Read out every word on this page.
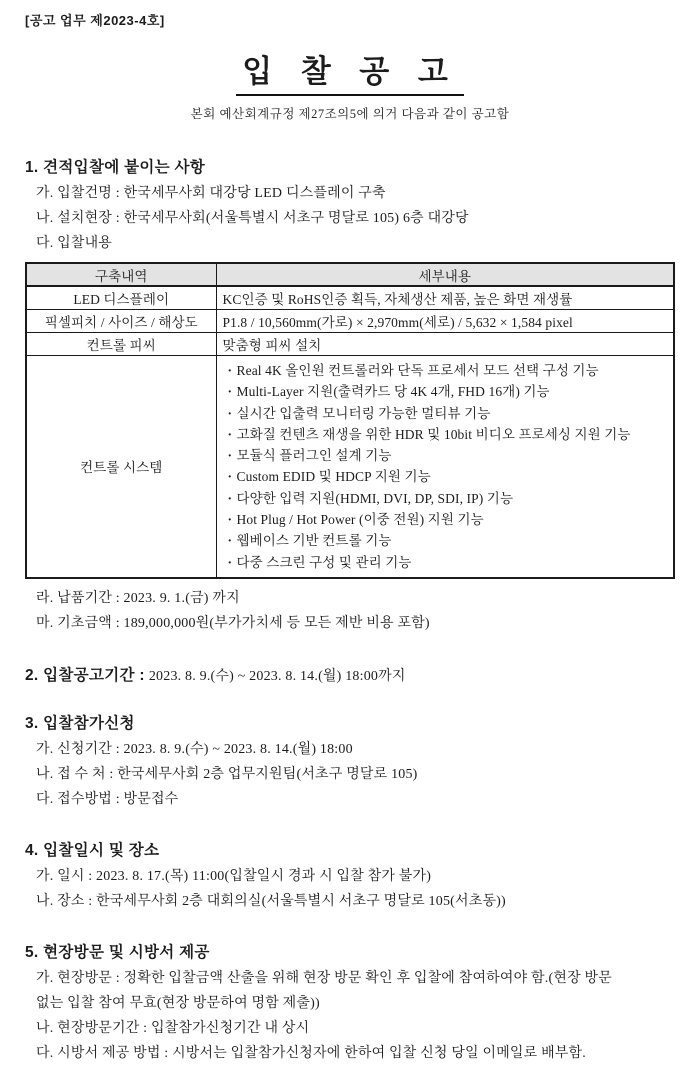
[공고 업무 제2023-4호]
입 찰 공 고
본회 예산회계규정 제27조의5에 의거 다음과 같이 공고함
1. 견적입찰에 붙이는 사항
가. 입찰건명 : 한국세무사회 대강당 LED 디스플레이 구축
나. 설치현장 : 한국세무사회(서울특별시 서초구 명달로 105) 6층 대강당
다. 입찰내용
구축내역	세부내용
LED 디스플레이	KC인증 및 RoHS인증 획득, 자체생산 제품, 높은 화면 재생률
픽셀피치 / 사이즈 / 해상도	P1.8 / 10,560mm(가로) × 2,970mm(세로) / 5,632 × 1,584 pixel
컨트롤 피씨	맞춤형 피씨 설치
컨트롤 시스템	
· Real 4K 올인원 컨트롤러와 단독 프로세서 모드 선택 구성 기능
· Multi-Layer 지원(출력카드 당 4K 4개, FHD 16개) 기능
· 실시간 입출력 모니터링 가능한 멀티뷰 기능
· 고화질 컨텐츠 재생을 위한 HDR 및 10bit 비디오 프로세싱 지원 기능
· 모듈식 플러그인 설계 기능
· Custom EDID 및 HDCP 지원 기능
· 다양한 입력 지원(HDMI, DVI, DP, SDI, IP) 기능
· Hot Plug / Hot Power (이중 전원) 지원 기능
· 웹베이스 기반 컨트롤 기능
· 다중 스크린 구성 및 관리 기능
라. 납품기간 : 2023. 9. 1.(금) 까지
마. 기초금액 : 189,000,000원(부가가치세 등 모든 제반 비용 포함)
2. 입찰공고기간 : 2023. 8. 9.(수) ~ 2023. 8. 14.(월) 18:00까지
3. 입찰참가신청
가. 신청기간 : 2023. 8. 9.(수) ~ 2023. 8. 14.(월) 18:00
나. 접 수 처 : 한국세무사회 2층 업무지원팀(서초구 명달로 105)
다. 접수방법 : 방문접수
4. 입찰일시 및 장소
가. 일시 : 2023. 8. 17.(목) 11:00(입찰일시 경과 시 입찰 참가 불가)
나. 장소 : 한국세무사회 2층 대회의실(서울특별시 서초구 명달로 105(서초동))
5. 현장방문 및 시방서 제공
가. 현장방문 : 정확한 입찰금액 산출을 위해 현장 방문 확인 후 입찰에 참여하여야 함.(현장 방문
없는 입찰 참여 무효(현장 방문하여 명함 제출))
나. 현장방문기간 : 입찰참가신청기간 내 상시
다. 시방서 제공 방법 : 시방서는 입찰참가신청자에 한하여 입찰 신청 당일 이메일로 배부함.
